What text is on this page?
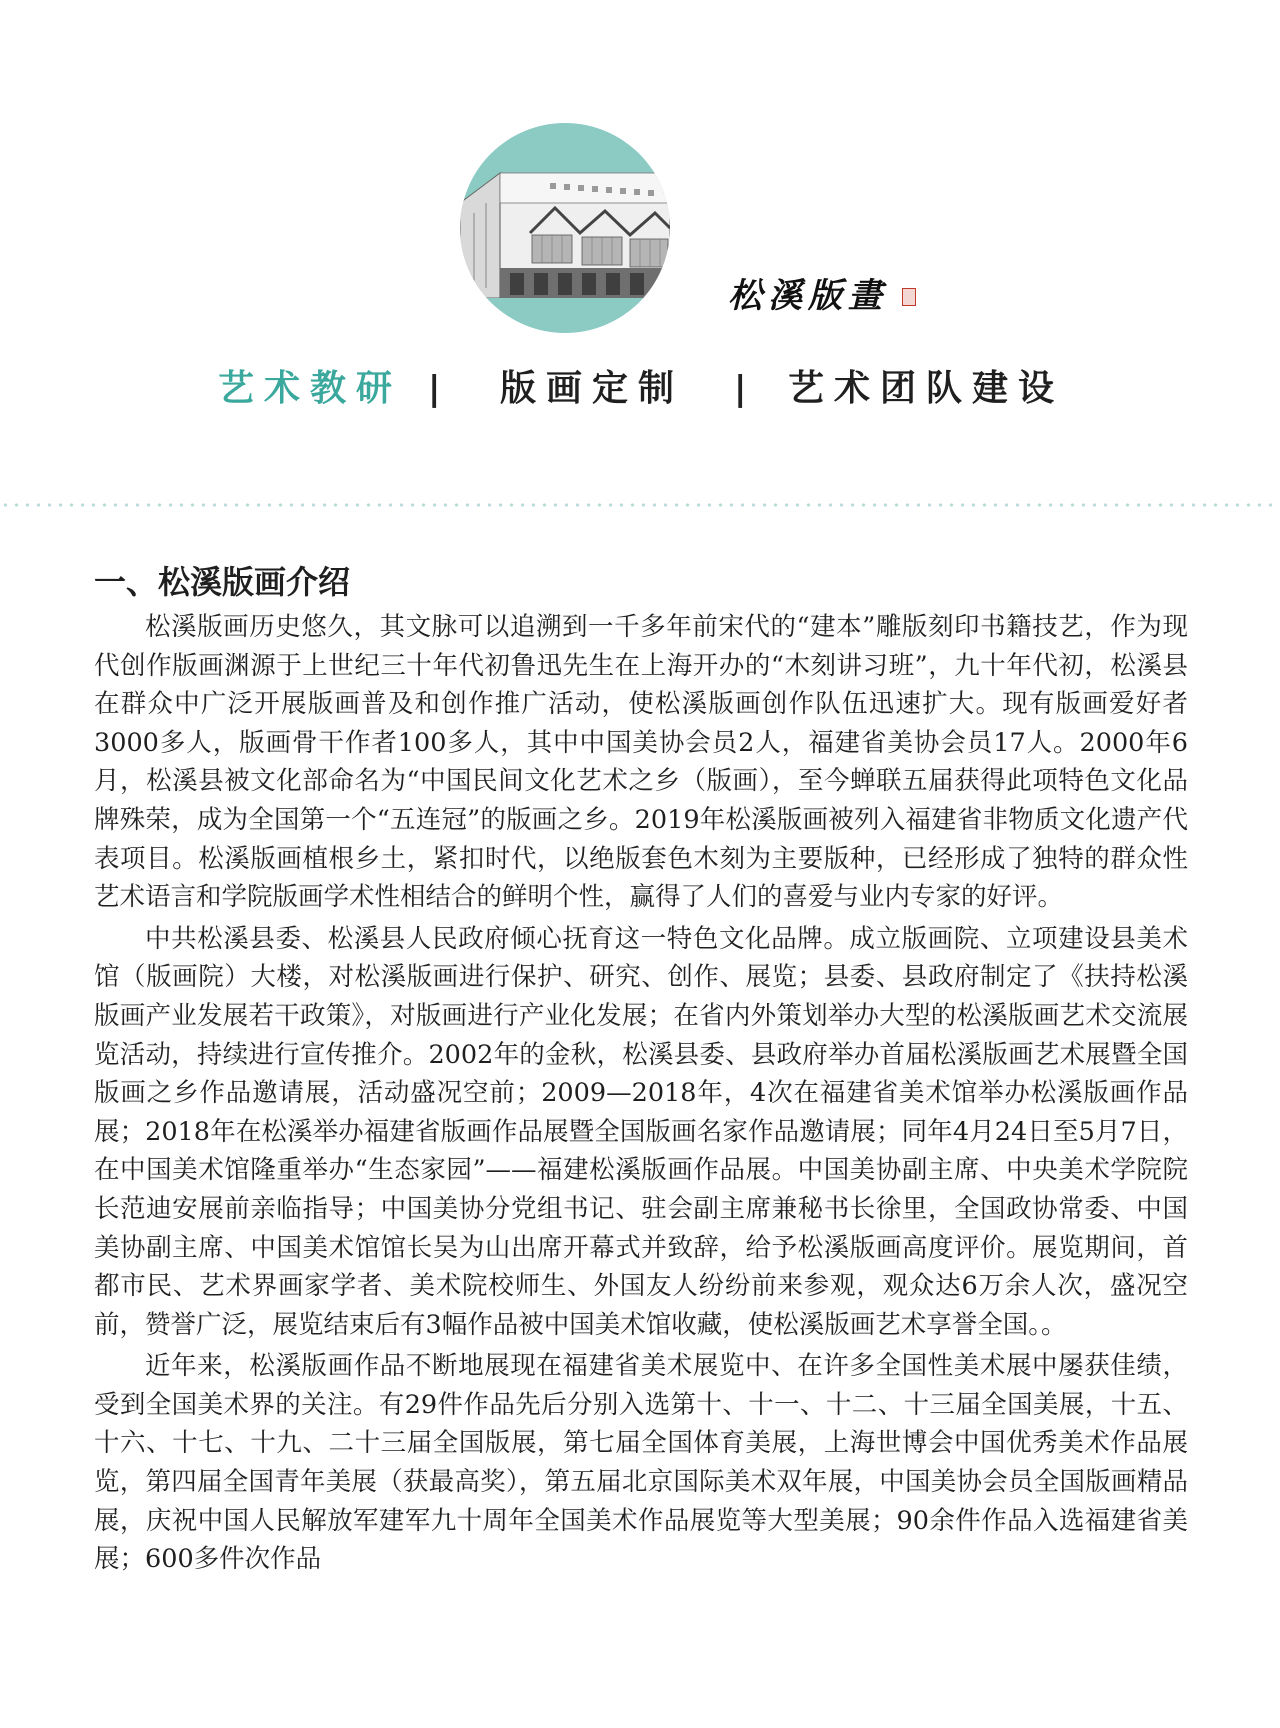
松溪版畫
艺术教研 | 版画定制 | 艺术团队建设
一、松溪版画介绍

松溪版画历史悠久，其文脉可以追溯到一千多年前宋代的“建本”雕版刻印书籍技艺，作为现代创作版画渊源于上世纪三十年代初鲁迅先生在上海开办的“木刻讲习班”，九十年代初，松溪县在群众中广泛开展版画普及和创作推广活动，使松溪版画创作队伍迅速扩大。现有版画爱好者3000多人，版画骨干作者100多人，其中中国美协会员2人，福建省美协会员17人。2000年6月，松溪县被文化部命名为“中国民间文化艺术之乡（版画），至今蝉联五届获得此项特色文化品牌殊荣，成为全国第一个“五连冠”的版画之乡。2019年松溪版画被列入福建省非物质文化遗产代表项目。松溪版画植根乡土，紧扣时代，以绝版套色木刻为主要版种，已经形成了独特的群众性艺术语言和学院版画学术性相结合的鲜明个性，赢得了人们的喜爱与业内专家的好评。

中共松溪县委、松溪县人民政府倾心抚育这一特色文化品牌。成立版画院、立项建设县美术馆（版画院）大楼，对松溪版画进行保护、研究、创作、展览；县委、县政府制定了《扶持松溪版画产业发展若干政策》，对版画进行产业化发展；在省内外策划举办大型的松溪版画艺术交流展览活动，持续进行宣传推介。2002年的金秋，松溪县委、县政府举办首届松溪版画艺术展暨全国版画之乡作品邀请展，活动盛况空前；2009—2018年，4次在福建省美术馆举办松溪版画作品展；2018年在松溪举办福建省版画作品展暨全国版画名家作品邀请展；同年4月24日至5月7日，在中国美术馆隆重举办“生态家园”——福建松溪版画作品展。中国美协副主席、中央美术学院院长范迪安展前亲临指导；中国美协分党组书记、驻会副主席兼秘书长徐里，全国政协常委、中国美协副主席、中国美术馆馆长吴为山出席开幕式并致辞，给予松溪版画高度评价。展览期间，首都市民、艺术界画家学者、美术院校师生、外国友人纷纷前来参观，观众达6万余人次，盛况空前，赞誉广泛，展览结束后有3幅作品被中国美术馆收藏，使松溪版画艺术享誉全国。。

近年来，松溪版画作品不断地展现在福建省美术展览中、在许多全国性美术展中屡获佳绩，受到全国美术界的关注。有29件作品先后分别入选第十、十一、十二、十三届全国美展，十五、十六、十七、十九、二十三届全国版展，第七届全国体育美展，上海世博会中国优秀美术作品展览，第四届全国青年美展（获最高奖），第五届北京国际美术双年展，中国美协会员全国版画精品展，庆祝中国人民解放军建军九十周年全国美术作品展览等大型美展；90余件作品入选福建省美展；600多件次作品
